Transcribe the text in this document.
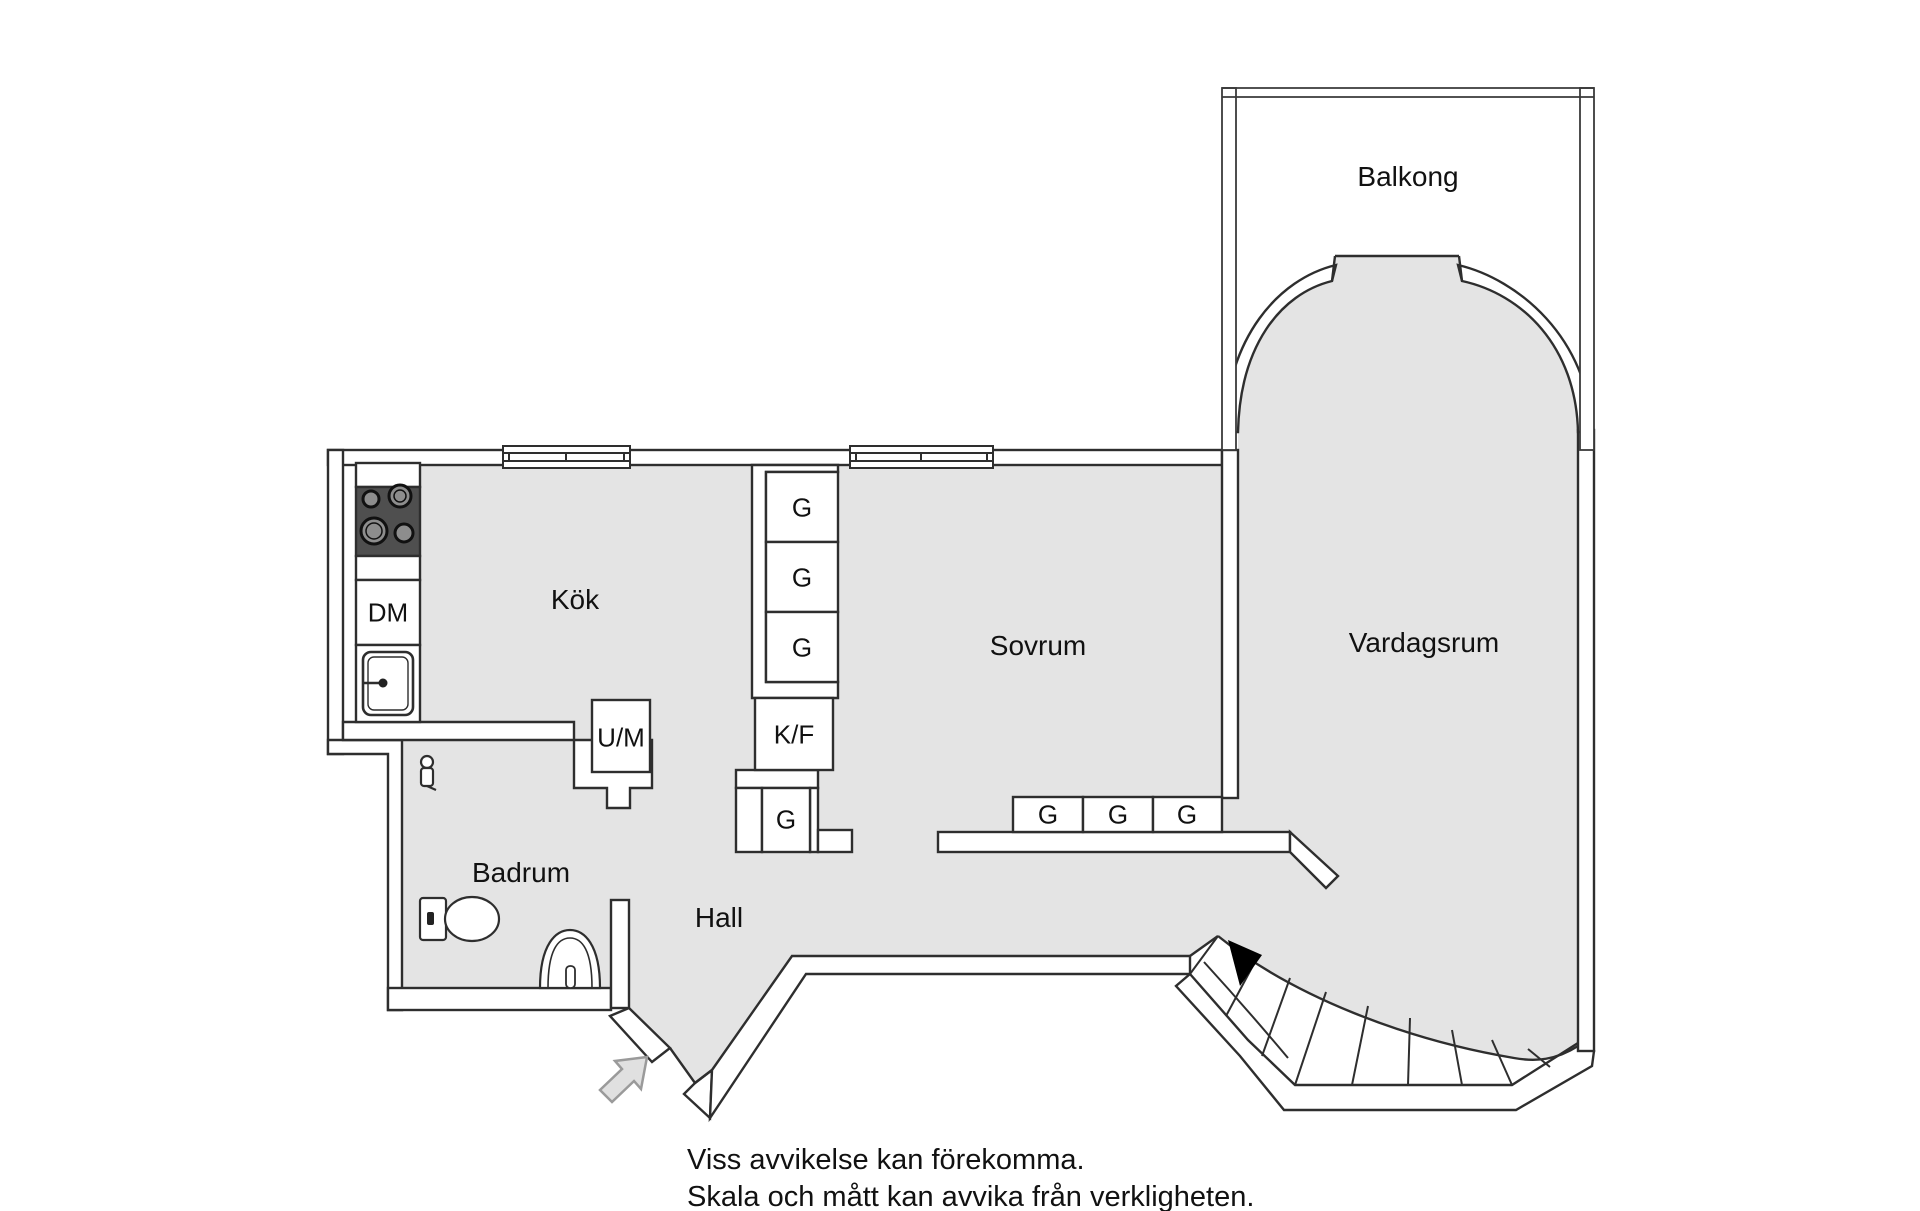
Balkong
Kök
Sovrum	Vardagsrum
Badrum
Hall
DM
U/M	K/F
G
G
G
G	G G G
Viss avvikelse kan förekomma.
Skala och mått kan avvika från verkligheten.
